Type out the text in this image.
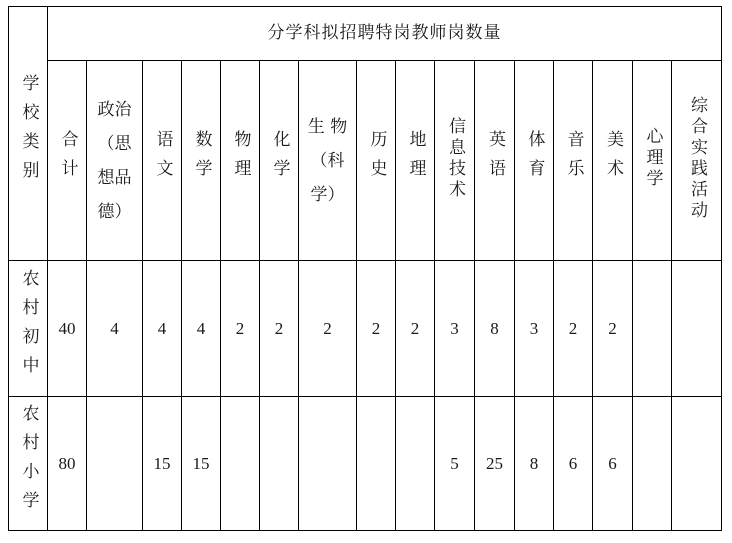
学校类别	分学科拟招聘特岗教师岗数量															
	合计	政治（思想品德）	语文	数学	物理	化学	生 物（科学）	历史	地理	信息技术	英语	体育	音乐	美术	心理学	综合实践活动
农村初中	40	4	4	4	2	2	2	2	2	3	8	3	2	2		
农村小学	80		15	15						5	25	8	6	6		
